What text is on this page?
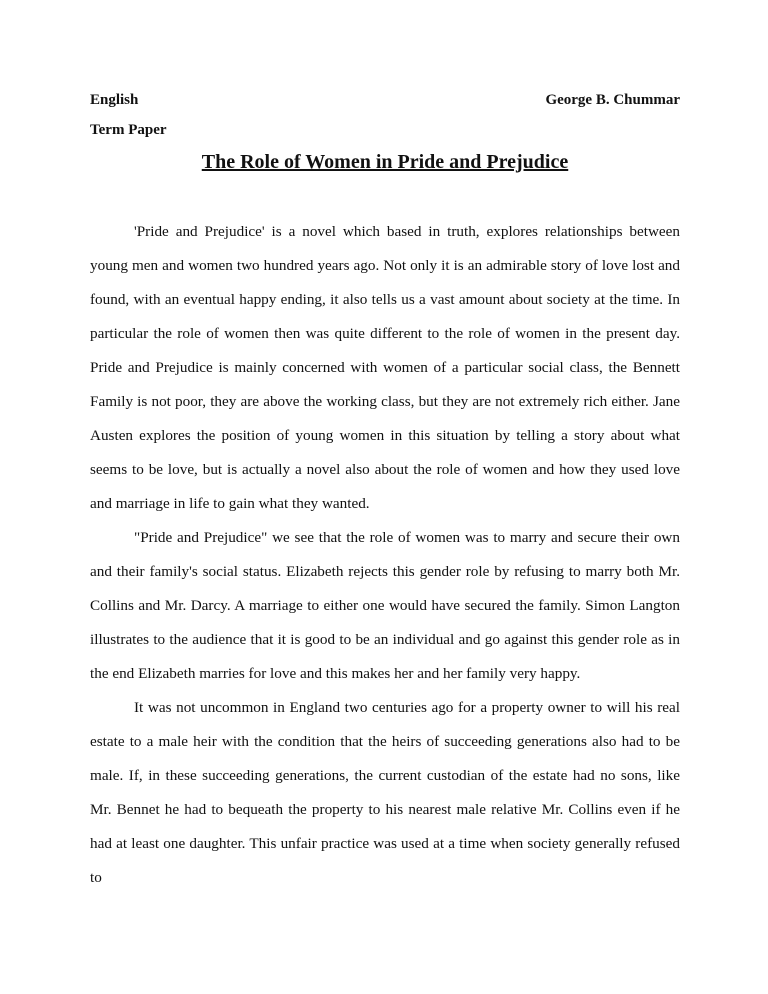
English	George B. Chummar
Term Paper
The Role of Women in Pride and Prejudice

'Pride and Prejudice' is a novel which based in truth, explores relationships between young men and women two hundred years ago. Not only it is an admirable story of love lost and found, with an eventual happy ending, it also tells us a vast amount about society at the time. In particular the role of women then was quite different to the role of women in the present day. Pride and Prejudice is mainly concerned with women of a particular social class, the Bennett Family is not poor, they are above the working class, but they are not extremely rich either. Jane Austen explores the position of young women in this situation by telling a story about what seems to be love, but is actually a novel also about the role of women and how they used love and marriage in life to gain what they wanted.

"Pride and Prejudice" we see that the role of women was to marry and secure their own and their family's social status. Elizabeth rejects this gender role by refusing to marry both Mr. Collins and Mr. Darcy. A marriage to either one would have secured the family. Simon Langton illustrates to the audience that it is good to be an individual and go against this gender role as in the end Elizabeth marries for love and this makes her and her family very happy.

It was not uncommon in England two centuries ago for a property owner to will his real estate to a male heir with the condition that the heirs of succeeding generations also had to be male. If, in these succeeding generations, the current custodian of the estate had no sons, like Mr. Bennet he had to bequeath the property to his nearest male relative Mr. Collins even if he had at least one daughter. This unfair practice was used at a time when society generally refused to
